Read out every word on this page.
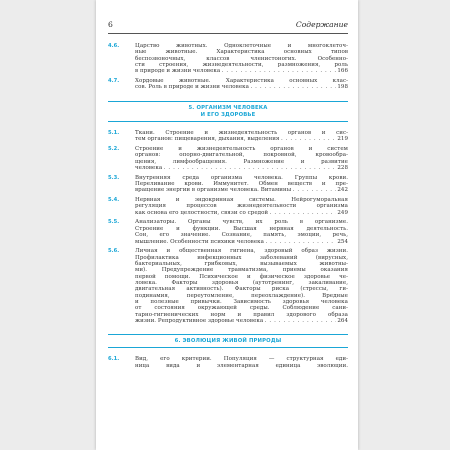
6	Содержание
4.6.	Царство животных. Одноклеточные и многоклеточ-
ные животные. Характеристика основных типов
беспозвоночных, классов членистоногих. Особенно-
сти строения, жизнедеятельности, размножения, роль
в природе и жизни человека . . .	166
4.7.	Хордовые животные. Характеристика основных клас-
сов. Роль в природе и жизни человека . . .	198
5. ОРГАНИЗМ ЧЕЛОВЕКА
И ЕГО ЗДОРОВЬЕ
5.1.	Ткани. Строение и жизнедеятельность органов и сис-
тем органов: пищеварения, дыхания, выделения . . .	219
5.2.	Строение и жизнедеятельность органов и систем
органов: опорно-двигательной, покровной, кровообра-
щения, лимфообращения. Размножение и развитие
человека . . .	228
5.3.	Внутренняя среда организма человека. Группы крови.
Переливание крови. Иммунитет. Обмен веществ и пре-
вращение энергии в организме человека. Витамины . . .	242
5.4.	Нервная и эндокринная системы. Нейрогуморальная
регуляция процессов жизнедеятельности организма
как основа его целостности, связи со средой . . .	249
5.5.	Анализаторы. Органы чувств, их роль в организме.
Строение и функции. Высшая нервная деятельность.
Сон, его значение. Сознание, память, эмоции, речь,
мышление. Особенности психики человека . . .	254
5.6.	Личная и общественная гигиена, здоровый образ жизни.
Профилактика инфекционных заболеваний (вирусных,
бактериальных, грибковых, вызываемых животны-
ми). Предупреждение травматизма, приемы оказания
первой помощи. Психическое и физическое здоровье че-
ловека. Факторы здоровья (аутотренинг, закаливание,
двигательная активность). Факторы риска (стрессы, ги-
подинамия, переутомление, переохлаждение). Вредные
и полезные привычки. Зависимость здоровья человека
от состояния окружающей среды. Соблюдение сани-
тарно-гигиенических норм и правил здорового образа
жизни. Репродуктивное здоровье человека . . .	264
6. ЭВОЛЮЦИЯ ЖИВОЙ ПРИРОДЫ
6.1.	Вид, его критерии. Популяция — структурная еди-
ница вида и элементарная единица эволюции.
